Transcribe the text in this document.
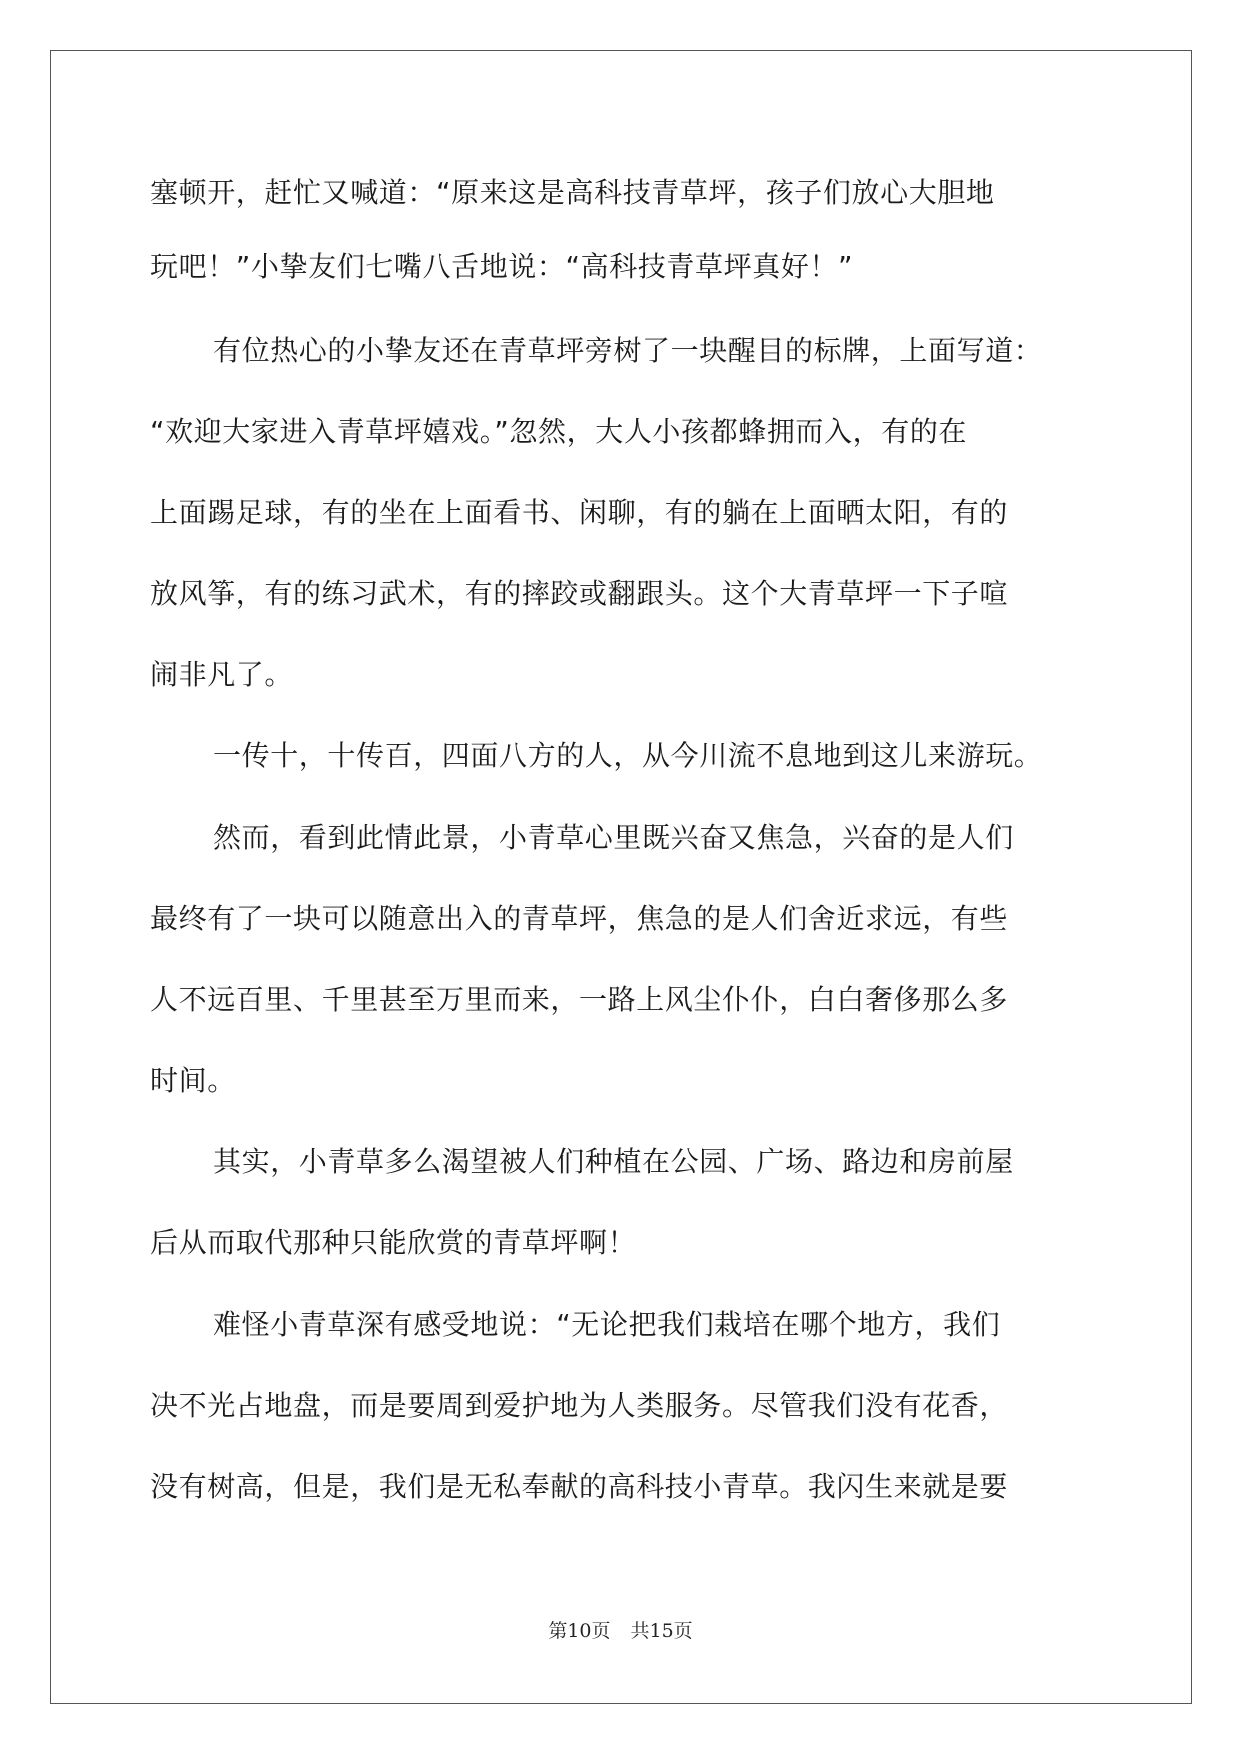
塞顿开，赶忙又喊道：“原来这是高科技青草坪，孩子们放心大胆地
玩吧！”小挚友们七嘴八舌地说：“高科技青草坪真好！”
有位热心的小挚友还在青草坪旁树了一块醒目的标牌，上面写道：
“欢迎大家进入青草坪嬉戏。”忽然，大人小孩都蜂拥而入，有的在
上面踢足球，有的坐在上面看书、闲聊，有的躺在上面晒太阳，有的
放风筝，有的练习武术，有的摔跤或翻跟头。这个大青草坪一下子喧
闹非凡了。
一传十，十传百，四面八方的人，从今川流不息地到这儿来游玩。
然而，看到此情此景，小青草心里既兴奋又焦急，兴奋的是人们
最终有了一块可以随意出入的青草坪，焦急的是人们舍近求远，有些
人不远百里、千里甚至万里而来，一路上风尘仆仆，白白奢侈那么多
时间。
其实，小青草多么渴望被人们种植在公园、广场、路边和房前屋
后从而取代那种只能欣赏的青草坪啊！
难怪小青草深有感受地说：“无论把我们栽培在哪个地方，我们
决不光占地盘，而是要周到爱护地为人类服务。尽管我们没有花香，
没有树高，但是，我们是无私奉献的高科技小青草。我闪生来就是要
第10页 共15页
